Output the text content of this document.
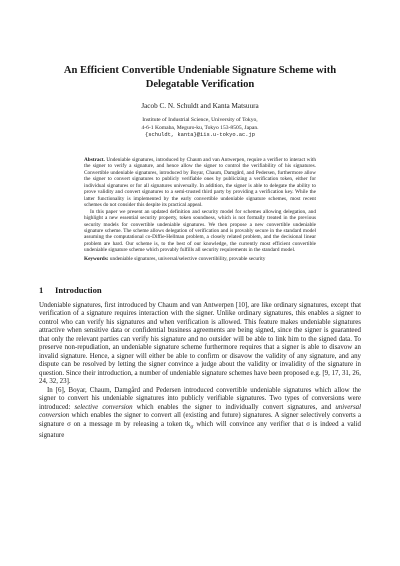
An Efficient Convertible Undeniable Signature Scheme with Delegatable Verification
Jacob C. N. Schuldt and Kanta Matsuura
Institute of Industrial Science, University of Tokyo,
4-6-1 Komaba, Meguro-ku, Tokyo 153-8505, Japan.
{schuldt, kanta}@iis.u-tokyo.ac.jp

Abstract. Undeniable signatures, introduced by Chaum and van Antwerpen, require a verifier to interact with the signer to verify a signature, and hence allow the signer to control the verifiability of his signatures. Convertible undeniable signatures, introduced by Boyar, Chaum, Damgård, and Pedersen, furthermore allow the signer to convert signatures to publicly verifiable ones by publicizing a verification token, either for individual signatures or for all signatures universally. In addition, the signer is able to delegate the ability to prove validity and convert signatures to a semi-trusted third party by providing a verification key. While the latter functionality is implemented by the early convertible undeniable signature schemes, most recent schemes do not consider this despite its practical appeal.

In this paper we present an updated definition and security model for schemes allowing delegation, and highlight a new essential security property, token soundness, which is not formally treated in the previous security models for convertible undeniable signatures. We then propose a new convertible undeniable signature scheme. The scheme allows delegation of verification and is provably secure in the standard model assuming the computational co-Diffie-Hellman problem, a closely related problem, and the decisional linear problem are hard. Our scheme is, to the best of our knowledge, the currently most efficient convertible undeniable signature scheme which provably fulfills all security requirements in the standard model.

Keywords: undeniable signatures, universal/selective convertibility, provable security

1 Introduction

Undeniable signatures, first introduced by Chaum and van Antwerpen [10], are like ordinary signatures, except that verification of a signature requires interaction with the signer. Unlike ordinary signatures, this enables a signer to control who can verify his signatures and when verification is allowed. This feature makes undeniable signatures attractive when sensitive data or confidential business agreements are being signed, since the signer is guaranteed that only the relevant parties can verify his signature and no outsider will be able to link him to the signed data. To preserve non-repudiation, an undeniable signature scheme furthermore requires that a signer is able to disavow an invalid signature. Hence, a signer will either be able to confirm or disavow the validity of any signature, and any dispute can be resolved by letting the signer convince a judge about the validity or invalidity of the signature in question. Since their introduction, a number of undeniable signature schemes have been proposed e.g. [9, 17, 31, 26, 24, 32, 23].

In [6], Boyar, Chaum, Damgård and Pedersen introduced convertible undeniable signatures which allow the signer to convert his undeniable signatures into publicly verifiable signatures. Two types of conversions were introduced: selective conversion which enables the signer to individually convert signatures, and universal conversion which enables the signer to convert all (existing and future) signatures. A signer selectively converts a signature σ on a message m by releasing a token $tk_\sigma$ which will convince any verifier that σ is indeed a valid signature
